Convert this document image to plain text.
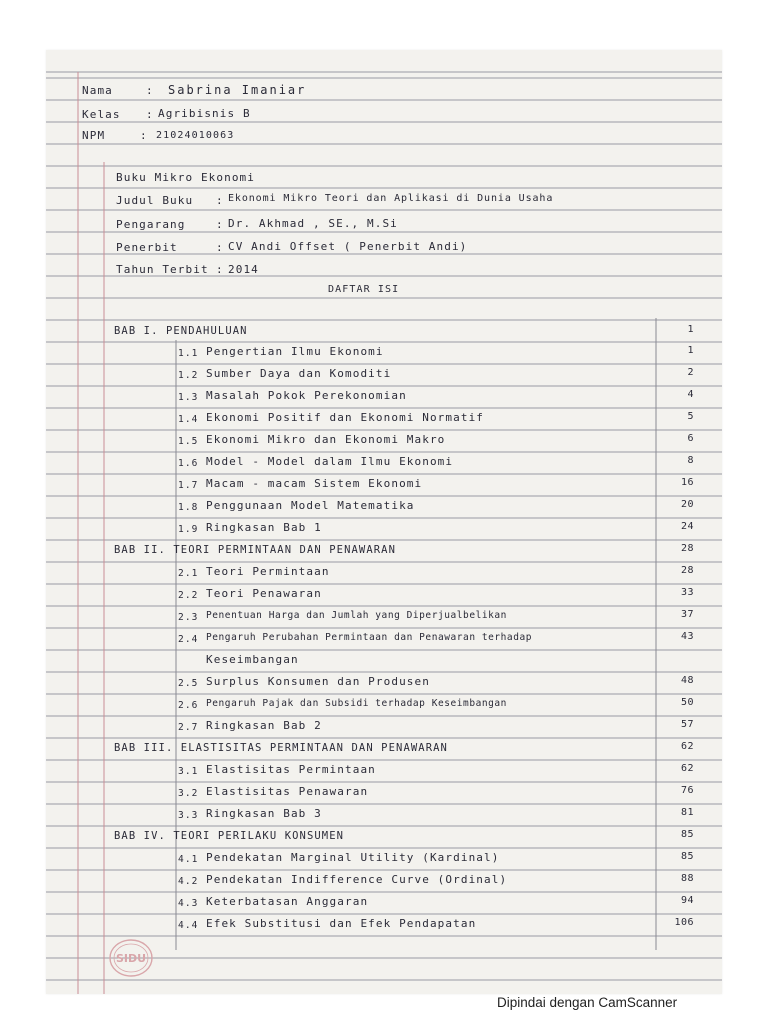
Nama	: Sabrina Imaniar
Kelas : Agribisnis B
NPM	: 21024010063
Buku Mikro Ekonomi
Judul Buku : Ekonomi Mikro Teori dan Aplikasi di Dunia Usaha
Pengarang	: Dr. Akhmad , SE., M.Si
Penerbit	: CV Andi Offset ( Penerbit Andi)
Tahun Terbit : 2014
DAFTAR ISI
BAB I. PENDAHULUAN	1
1.1 Pengertian Ilmu Ekonomi	1
1.2 Sumber Daya dan Komoditi	2
1.3 Masalah Pokok Perekonomian	4
1.4 Ekonomi Positif dan Ekonomi Normatif	5
1.5 Ekonomi Mikro dan Ekonomi Makro	6
1.6 Model - Model dalam Ilmu Ekonomi	8
1.7 Macam - macam Sistem Ekonomi	16
1.8 Penggunaan Model Matematika	20
1.9 Ringkasan Bab 1	24
BAB II. TEORI PERMINTAAN DAN PENAWARAN	28
2.1 Teori Permintaan	28
2.2 Teori Penawaran	33
2.3 Penentuan Harga dan Jumlah yang Diperjualbelikan	37
2.4 Pengaruh Perubahan Permintaan dan Penawaran terhadap	43
Keseimbangan
2.5 Surplus Konsumen dan Produsen	48
2.6 Pengaruh Pajak dan Subsidi terhadap Keseimbangan	50
2.7 Ringkasan Bab 2	57
BAB III. ELASTISITAS PERMINTAAN DAN PENAWARAN	62
3.1 Elastisitas Permintaan	62
3.2 Elastisitas Penawaran	76
3.3 Ringkasan Bab 3	81
BAB IV. TEORI PERILAKU KONSUMEN	85
4.1 Pendekatan Marginal Utility (Kardinal)	85
4.2 Pendekatan Indifference Curve (Ordinal)	88
4.3 Keterbatasan Anggaran	94
4.4 Efek Substitusi dan Efek Pendapatan	106
SIDU
Dipindai dengan CamScanner
